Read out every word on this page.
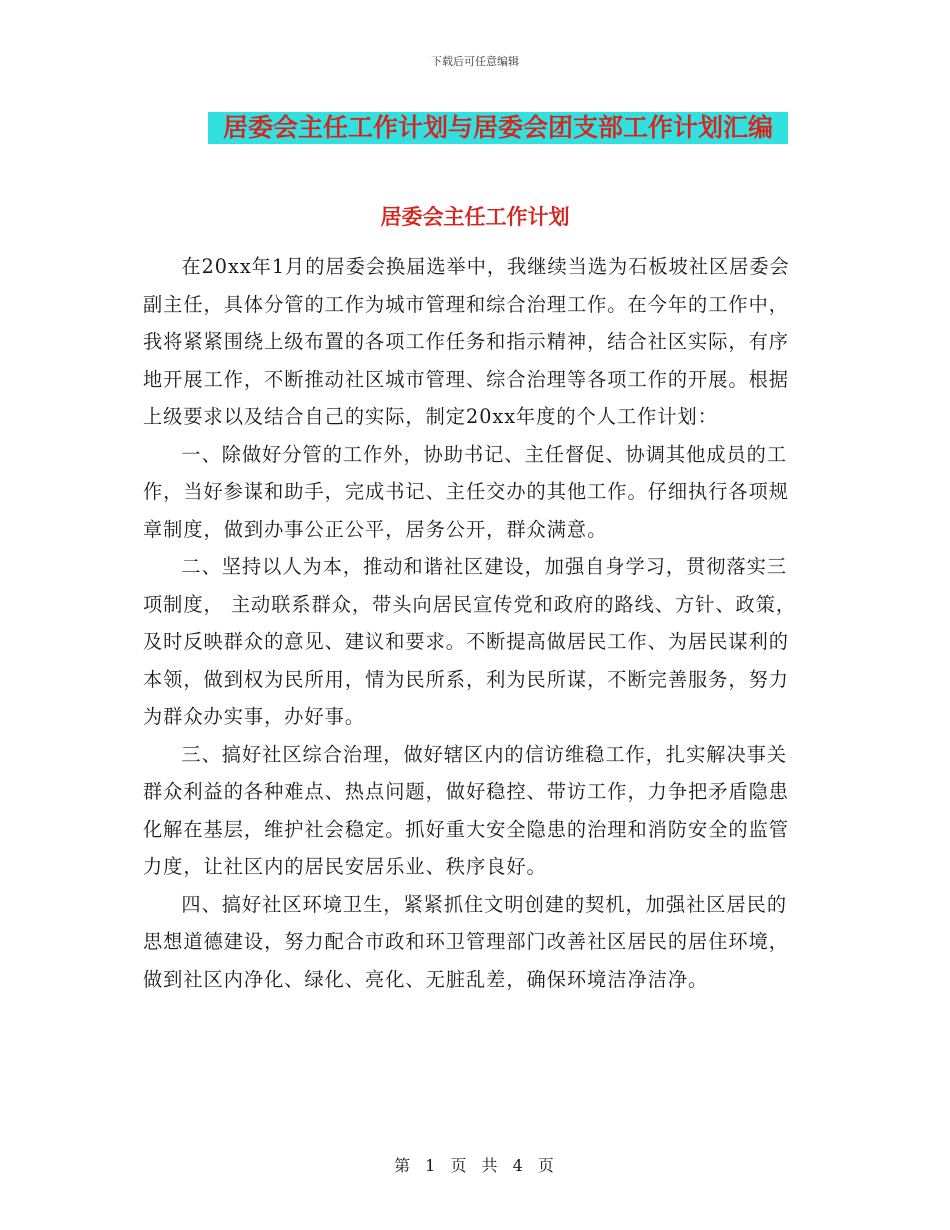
下载后可任意编辑
居委会主任工作计划与居委会团支部工作计划汇编
居委会主任工作计划

在20xx年1月的居委会换届选举中，我继续当选为石板坡社区居委会副主任，具体分管的工作为城市管理和综合治理工作。在今年的工作中，我将紧紧围绕上级布置的各项工作任务和指示精神，结合社区实际，有序地开展工作，不断推动社区城市管理、综合治理等各项工作的开展。根据上级要求以及结合自己的实际，制定20xx年度的个人工作计划：

一、除做好分管的工作外，协助书记、主任督促、协调其他成员的工作，当好参谋和助手，完成书记、主任交办的其他工作。仔细执行各项规章制度，做到办事公正公平，居务公开，群众满意。

二、坚持以人为本，推动和谐社区建设，加强自身学习，贯彻落实三项制度， 主动联系群众，带头向居民宣传党和政府的路线、方针、政策，及时反映群众的意见、建议和要求。不断提高做居民工作、为居民谋利的本领，做到权为民所用，情为民所系，利为民所谋，不断完善服务，努力为群众办实事，办好事。

三、搞好社区综合治理，做好辖区内的信访维稳工作，扎实解决事关群众利益的各种难点、热点问题，做好稳控、带访工作，力争把矛盾隐患化解在基层，维护社会稳定。抓好重大安全隐患的治理和消防安全的监管力度，让社区内的居民安居乐业、秩序良好。

四、搞好社区环境卫生，紧紧抓住文明创建的契机，加强社区居民的思想道德建设，努力配合市政和环卫管理部门改善社区居民的居住环境，做到社区内净化、绿化、亮化、无脏乱差，确保环境洁净洁净。

第 1 页 共 4 页
